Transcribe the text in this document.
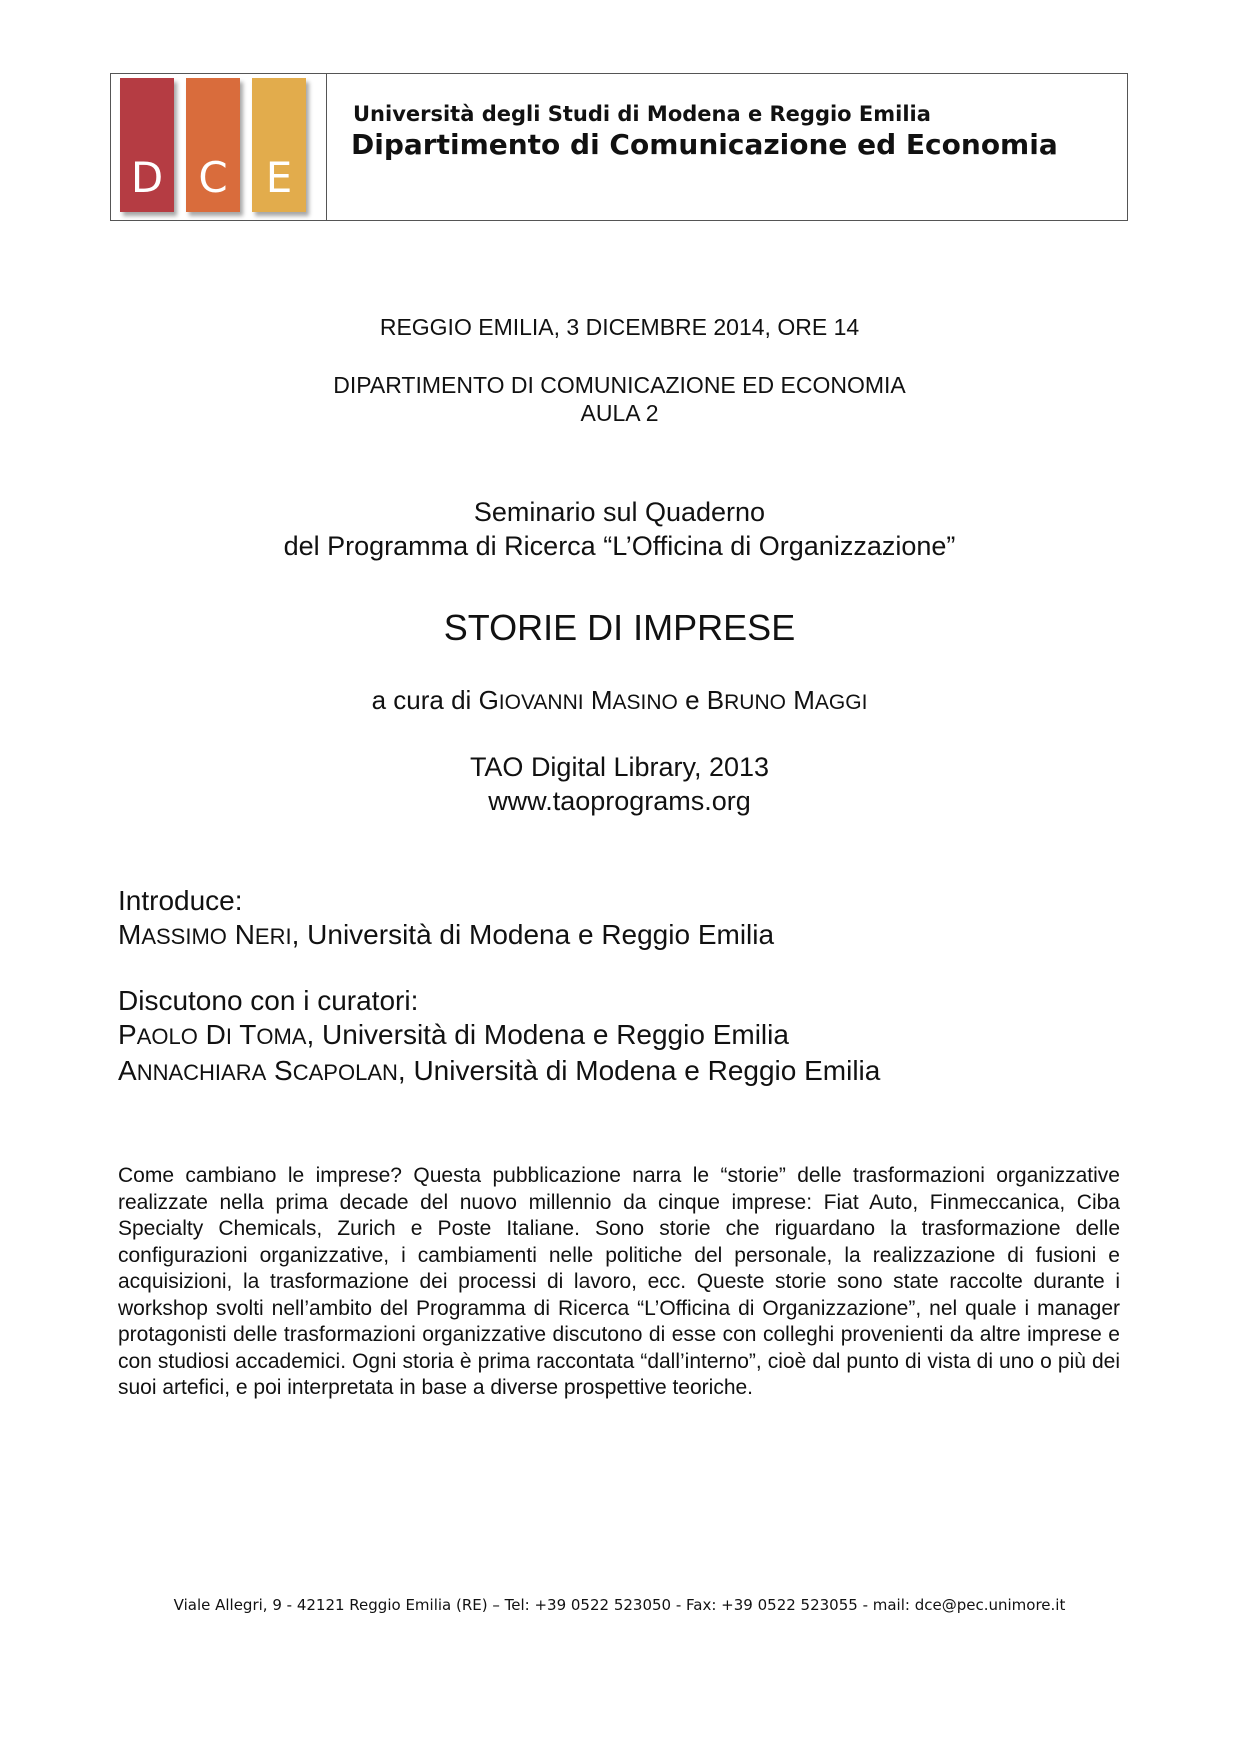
D C E
Università degli Studi di Modena e Reggio Emilia
Dipartimento di Comunicazione ed Economia
REGGIO EMILIA, 3 DICEMBRE 2014, ORE 14
DIPARTIMENTO DI COMUNICAZIONE ED ECONOMIA
AULA 2
Seminario sul Quaderno
del Programma di Ricerca “L’Officina di Organizzazione”
STORIE DI IMPRESE
a cura di GIOVANNI MASINO e BRUNO MAGGI
TAO Digital Library, 2013
www.taoprograms.org
Introduce:
MASSIMO NERI, Università di Modena e Reggio Emilia
Discutono con i curatori:
PAOLO DI TOMA, Università di Modena e Reggio Emilia
ANNACHIARA SCAPOLAN, Università di Modena e Reggio Emilia
Come cambiano le imprese? Questa pubblicazione narra le “storie” delle trasformazioni organizzative realizzate nella prima decade del nuovo millennio da cinque imprese: Fiat Auto, Finmeccanica, Ciba Specialty Chemicals, Zurich e Poste Italiane. Sono storie che riguardano la trasformazione delle configurazioni organizzative, i cambiamenti nelle politiche del personale, la realizzazione di fusioni e acquisizioni, la trasformazione dei processi di lavoro, ecc. Queste storie sono state raccolte durante i workshop svolti nell’ambito del Programma di Ricerca “L’Officina di Organizzazione”, nel quale i manager protagonisti delle trasformazioni organizzative discutono di esse con colleghi provenienti da altre imprese e con studiosi accademici. Ogni storia è prima raccontata “dall’interno”, cioè dal punto di vista di uno o più dei suoi artefici, e poi interpretata in base a diverse prospettive teoriche.
Viale Allegri, 9 - 42121 Reggio Emilia (RE) – Tel: +39 0522 523050 - Fax: +39 0522 523055 - mail: dce@pec.unimore.it
